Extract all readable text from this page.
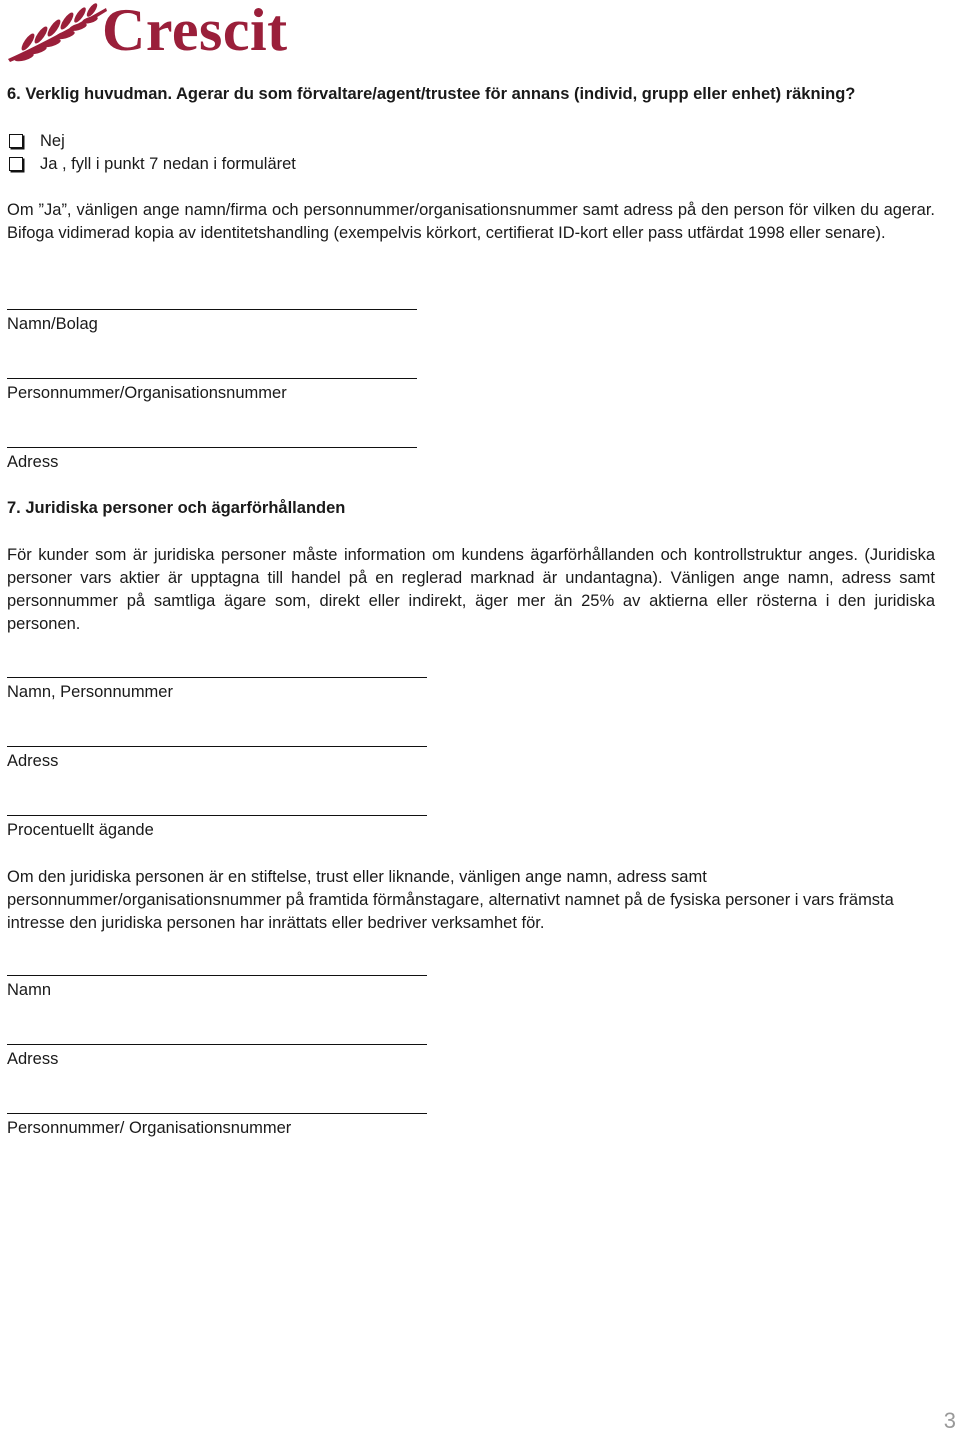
Crescit
6. Verklig huvudman. Agerar du som förvaltare/agent/trustee för annans (individ, grupp eller enhet) räkning?
Nej
Ja , fyll i punkt 7 nedan i formuläret
Om ”Ja”, vänligen ange namn/firma och personnummer/organisationsnummer samt adress på den person för vilken du agerar. Bifoga vidimerad kopia av identitetshandling (exempelvis körkort, certifierat ID-kort eller pass utfärdat 1998 eller senare).
Namn/Bolag
Personnummer/Organisationsnummer
Adress
7. Juridiska personer och ägarförhållanden
För kunder som är juridiska personer måste information om kundens ägarförhållanden och kontrollstruktur anges. (Juridiska personer vars aktier är upptagna till handel på en reglerad marknad är undantagna). Vänligen ange namn, adress samt personnummer på samtliga ägare som, direkt eller indirekt, äger mer än 25% av aktierna eller rösterna i den juridiska personen.
Namn, Personnummer
Adress
Procentuellt ägande
Om den juridiska personen är en stiftelse, trust eller liknande, vänligen ange namn, adress samt personnummer/organisationsnummer på framtida förmånstagare, alternativt namnet på de fysiska personer i vars främsta intresse den juridiska personen har inrättats eller bedriver verksamhet för.
Namn
Adress
Personnummer/ Organisationsnummer
3
